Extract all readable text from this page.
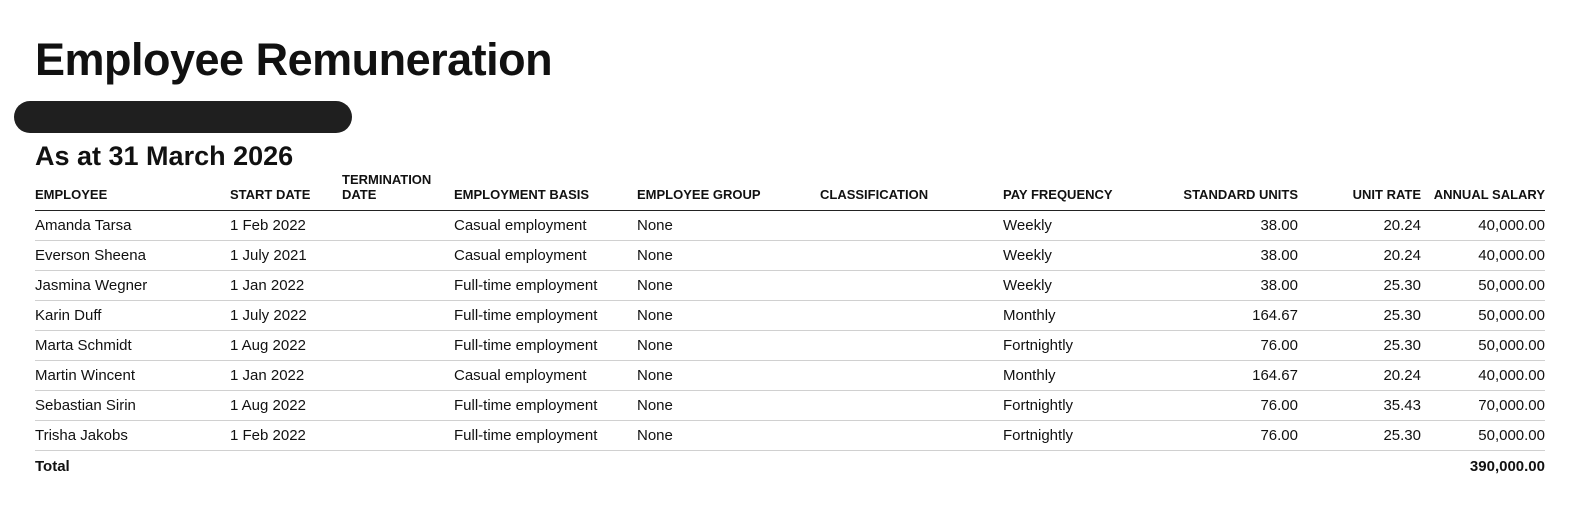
Employee Remuneration
As at 31 March 2026
EMPLOYEE	START DATE	TERMINATION DATE	EMPLOYMENT BASIS	EMPLOYEE GROUP	CLASSIFICATION	PAY FREQUENCY	STANDARD UNITS	UNIT RATE	ANNUAL SALARY
Amanda Tarsa	1 Feb 2022		Casual employment	None		Weekly	38.00	20.24	40,000.00
Everson Sheena	1 July 2021		Casual employment	None		Weekly	38.00	20.24	40,000.00
Jasmina Wegner	1 Jan 2022		Full-time employment	None		Weekly	38.00	25.30	50,000.00
Karin Duff	1 July 2022		Full-time employment	None		Monthly	164.67	25.30	50,000.00
Marta Schmidt	1 Aug 2022		Full-time employment	None		Fortnightly	76.00	25.30	50,000.00
Martin Wincent	1 Jan 2022		Casual employment	None		Monthly	164.67	20.24	40,000.00
Sebastian Sirin	1 Aug 2022		Full-time employment	None		Fortnightly	76.00	35.43	70,000.00
Trisha Jakobs	1 Feb 2022		Full-time employment	None		Fortnightly	76.00	25.30	50,000.00
Total									390,000.00
